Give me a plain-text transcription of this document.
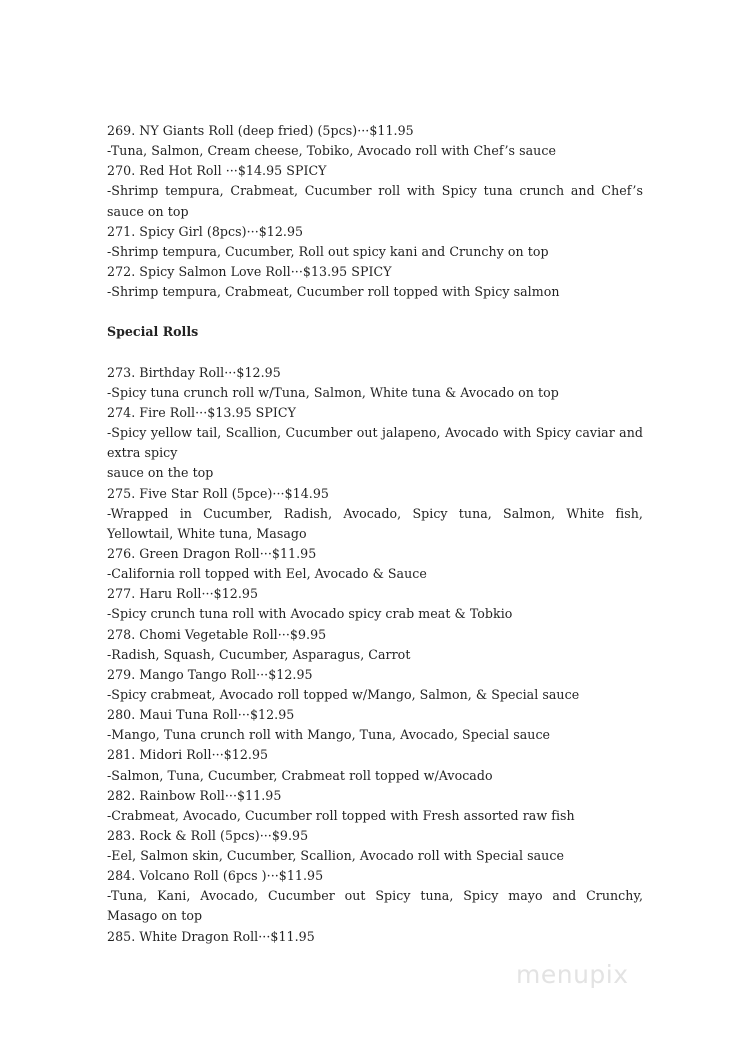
269. NY Giants Roll (deep fried) (5pcs)···$11.95
-Tuna, Salmon, Cream cheese, Tobiko, Avocado roll with Chef’s sauce
270. Red Hot Roll ···$14.95 SPICY
-Shrimp tempura, Crabmeat, Cucumber roll with Spicy tuna crunch and Chef’s
sauce on top
271. Spicy Girl (8pcs)···$12.95
-Shrimp tempura, Cucumber, Roll out spicy kani and Crunchy on top
272. Spicy Salmon Love Roll···$13.95 SPICY
-Shrimp tempura, Crabmeat, Cucumber roll topped with Spicy salmon
Special Rolls
273. Birthday Roll···$12.95
-Spicy tuna crunch roll w/Tuna, Salmon, White tuna & Avocado on top
274. Fire Roll···$13.95 SPICY
-Spicy yellow tail, Scallion, Cucumber out jalapeno, Avocado with Spicy caviar and
extra spicy
sauce on the top
275. Five Star Roll (5pce)···$14.95
-Wrapped in Cucumber, Radish, Avocado, Spicy tuna, Salmon, White fish,
Yellowtail, White tuna, Masago
276. Green Dragon Roll···$11.95
-California roll topped with Eel, Avocado & Sauce
277. Haru Roll···$12.95
-Spicy crunch tuna roll with Avocado spicy crab meat & Tobkio
278. Chomi Vegetable Roll···$9.95
-Radish, Squash, Cucumber, Asparagus, Carrot
279. Mango Tango Roll···$12.95
-Spicy crabmeat, Avocado roll topped w/Mango, Salmon, & Special sauce
280. Maui Tuna Roll···$12.95
-Mango, Tuna crunch roll with Mango, Tuna, Avocado, Special sauce
281. Midori Roll···$12.95
-Salmon, Tuna, Cucumber, Crabmeat roll topped w/Avocado
282. Rainbow Roll···$11.95
-Crabmeat, Avocado, Cucumber roll topped with Fresh assorted raw fish
283. Rock & Roll (5pcs)···$9.95
-Eel, Salmon skin, Cucumber, Scallion, Avocado roll with Special sauce
284. Volcano Roll (6pcs )···$11.95
-Tuna, Kani, Avocado, Cucumber out Spicy tuna, Spicy mayo and Crunchy,
Masago on top
285. White Dragon Roll···$11.95
menupix
